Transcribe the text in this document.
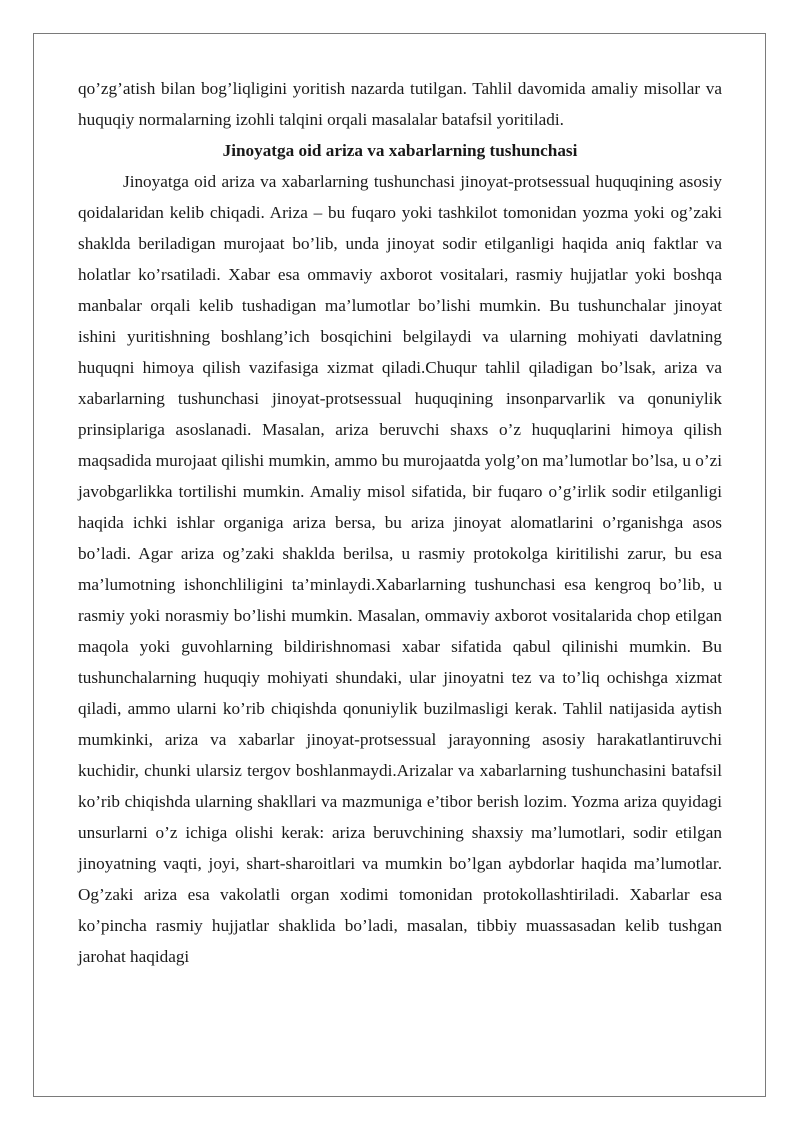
qo’zg’atish bilan bog’liqligini yoritish nazarda tutilgan. Tahlil davomida amaliy misollar va huquqiy normalarning izohli talqini orqali masalalar batafsil yoritiladi.

Jinoyatga oid ariza va xabarlarning tushunchasi

Jinoyatga oid ariza va xabarlarning tushunchasi jinoyat-protsessual huquqining asosiy qoidalaridan kelib chiqadi. Ariza – bu fuqaro yoki tashkilot tomonidan yozma yoki og’zaki shaklda beriladigan murojaat bo’lib, unda jinoyat sodir etilganligi haqida aniq faktlar va holatlar ko’rsatiladi. Xabar esa ommaviy axborot vositalari, rasmiy hujjatlar yoki boshqa manbalar orqali kelib tushadigan ma’lumotlar bo’lishi mumkin. Bu tushunchalar jinoyat ishini yuritishning boshlang’ich bosqichini belgilaydi va ularning mohiyati davlatning huquqni himoya qilish vazifasiga xizmat qiladi.Chuqur tahlil qiladigan bo’lsak, ariza va xabarlarning tushunchasi jinoyat-protsessual huquqining insonparvarlik va qonuniylik prinsiplariga asoslanadi. Masalan, ariza beruvchi shaxs o’z huquqlarini himoya qilish maqsadida murojaat qilishi mumkin, ammo bu murojaatda yolg’on ma’lumotlar bo’lsa, u o’zi javobgarlikka tortilishi mumkin. Amaliy misol sifatida, bir fuqaro o’g’irlik sodir etilganligi haqida ichki ishlar organiga ariza bersa, bu ariza jinoyat alomatlarini o’rganishga asos bo’ladi. Agar ariza og’zaki shaklda berilsa, u rasmiy protokolga kiritilishi zarur, bu esa ma’lumotning ishonchliligini ta’minlaydi.Xabarlarning tushunchasi esa kengroq bo’lib, u rasmiy yoki norasmiy bo’lishi mumkin. Masalan, ommaviy axborot vositalarida chop etilgan maqola yoki guvohlarning bildirishnomasi xabar sifatida qabul qilinishi mumkin. Bu tushunchalarning huquqiy mohiyati shundaki, ular jinoyatni tez va to’liq ochishga xizmat qiladi, ammo ularni ko’rib chiqishda qonuniylik buzilmasligi kerak. Tahlil natijasida aytish mumkinki, ariza va xabarlar jinoyat-protsessual jarayonning asosiy harakatlantiruvchi kuchidir, chunki ularsiz tergov boshlanmaydi.Arizalar va xabarlarning tushunchasini batafsil ko’rib chiqishda ularning shakllari va mazmuniga e’tibor berish lozim. Yozma ariza quyidagi unsurlarni o’z ichiga olishi kerak: ariza beruvchining shaxsiy ma’lumotlari, sodir etilgan jinoyatning vaqti, joyi, shart-sharoitlari va mumkin bo’lgan aybdorlar haqida ma’lumotlar. Og’zaki ariza esa vakolatli organ xodimi tomonidan protokollashtiriladi. Xabarlar esa ko’pincha rasmiy hujjatlar shaklida bo’ladi, masalan, tibbiy muassasadan kelib tushgan jarohat haqidagi
